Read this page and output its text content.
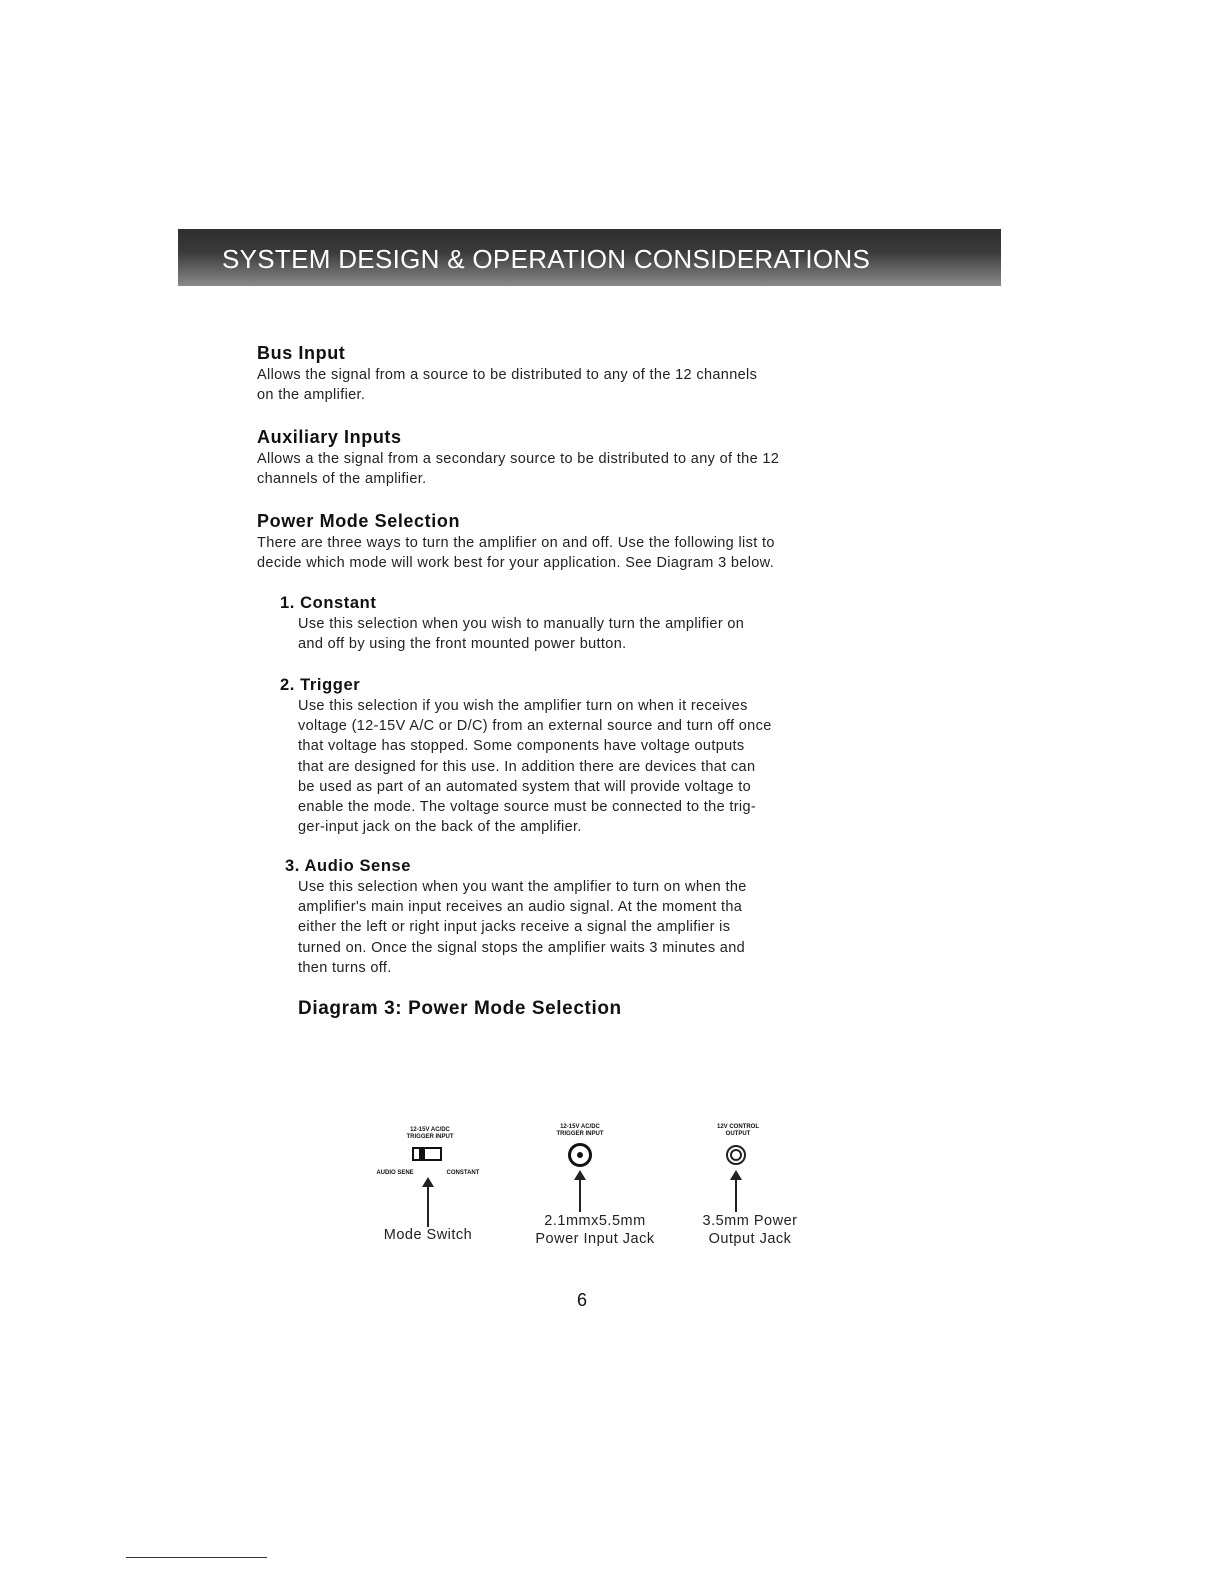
SYSTEM DESIGN & OPERATION CONSIDERATIONS
Bus Input
Allows the signal from a source to be distributed to any of the 12 channels
on the amplifier.
Auxiliary Inputs
Allows a the signal from a secondary source to be distributed to any of the 12
channels of the amplifier.
Power Mode Selection
There are three ways to turn the amplifier on and off. Use the following list to
decide which mode will work best for your application. See Diagram 3 below.
1. Constant
Use this selection when you wish to manually turn the amplifier on
and off by using the front mounted power button.
2. Trigger
Use this selection if you wish the amplifier turn on when it receives
voltage (12-15V A/C or D/C) from an external source and turn off once
that voltage has stopped. Some components have voltage outputs
that are designed for this use. In addition there are devices that can
be used as part of an automated system that will provide voltage to
enable the mode. The voltage source must be connected to the trig-
ger-input jack on the back of the amplifier.
3. Audio Sense
Use this selection when you want the amplifier to turn on when the
amplifier's main input receives an audio signal. At the moment tha
either the left or right input jacks receive a signal the amplifier is
turned on. Once the signal stops the amplifier waits 3 minutes and
then turns off.
Diagram 3: Power Mode Selection
12-15V AC/DC
TRIGGER INPUT
AUDIO SENE	CONSTANT
Mode Switch
12-15V AC/DC
TRIGGER INPUT
2.1mmx5.5mm
Power Input Jack
12V CONTROL
OUTPUT
3.5mm Power
Output Jack
6
